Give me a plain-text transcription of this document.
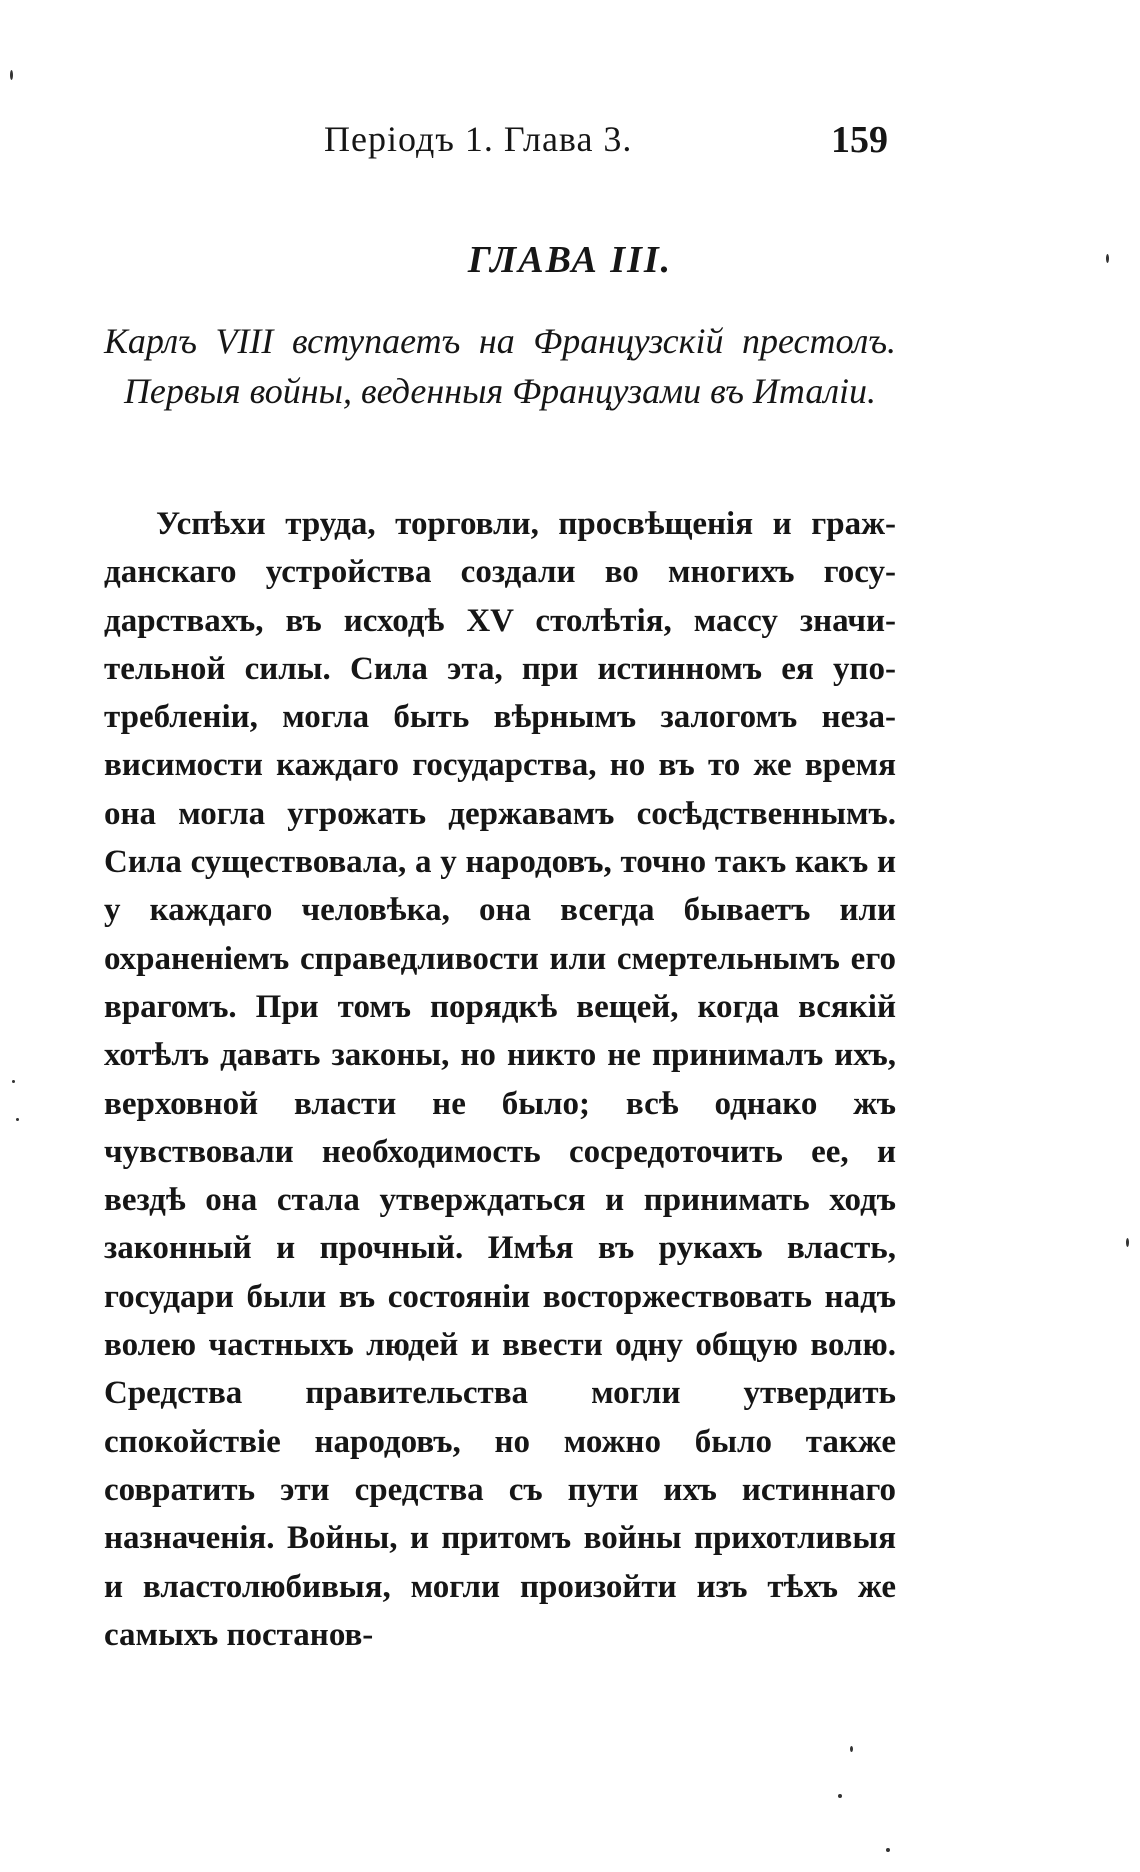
Періодъ 1. Глава 3.	159
ГЛАВА III.
Карлъ VIII вступаетъ на Французскій престолъ. Первыя войны, веденныя Французами въ Италіи.

Успѣхи труда, торговли, просвѣщенія и гражданскаго устройства создали во многихъ государствахъ, въ исходѣ XV столѣтія, массу значительной силы. Сила эта, при истинномъ ея употребленіи, могла быть вѣрнымъ залогомъ независимости каждаго государства, но въ то же время она могла угрожать державамъ сосѣдственнымъ. Сила существовала, а у народовъ, точно такъ какъ и у каждаго человѣка, она всегда бываетъ или охраненіемъ справедливости или смертельнымъ его врагомъ. При томъ порядкѣ вещей, когда всякій хотѣлъ давать законы, но никто не принималъ ихъ, верховной власти не было; всѣ однако жъ чувствовали необходимость сосредоточить ее, и вездѣ она стала утверждаться и принимать ходъ законный и прочный. Имѣя въ рукахъ власть, государи были въ состояніи восторжествовать надъ волею частныхъ людей и ввести одну общую волю. Средства правительства могли утвердить спокойствіе народовъ, но можно было также совратить эти средства съ пути ихъ истиннаго назначенія. Войны, и притомъ войны прихотливыя и властолюбивыя, могли произойти изъ тѣхъ же самыхъ постанов-
